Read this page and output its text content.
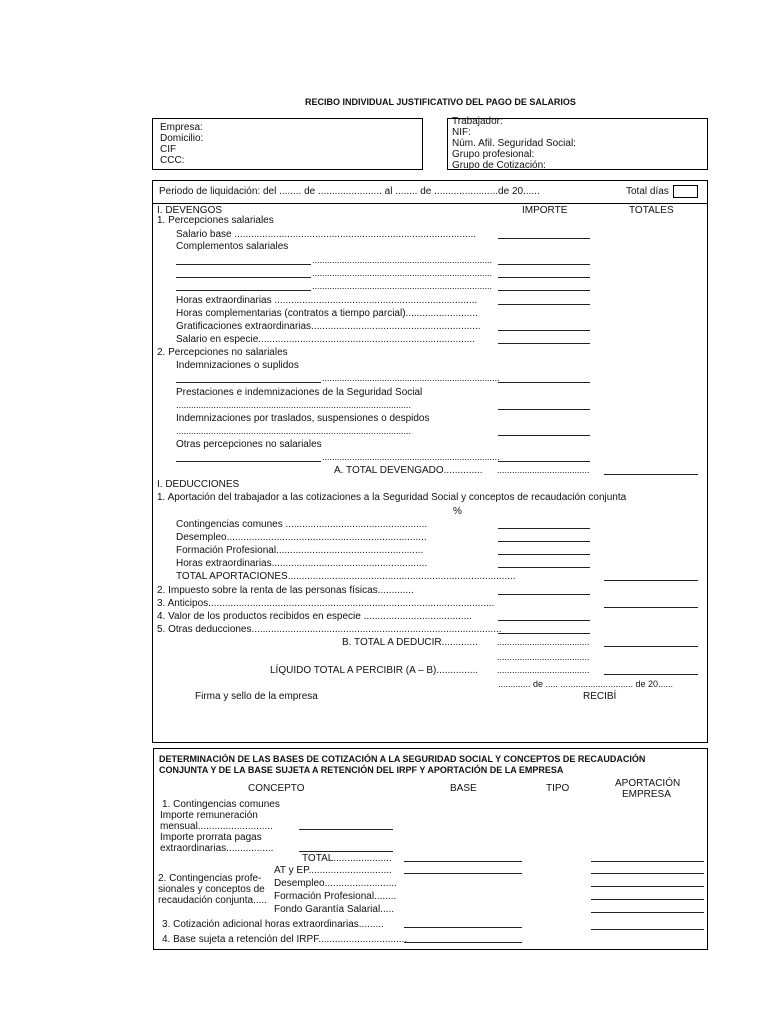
RECIBO INDIVIDUAL JUSTIFICATIVO DEL PAGO DE SALARIOS
Empresa:
Domicilio:
CIF
CCC:
Trabajador:
NIF:
Núm. Afil. Seguridad Social:
Grupo profesional:
Grupo de Cotización:
Periodo de liquidación: del ........ de ....................... al ........ de .......................de 20......	Total días
I. DEVENGOS	IMPORTE	TOTALES
1. Percepciones salariales
Salario base .......................................................................................
Complementos salariales
........................................................................
........................................................................
........................................................................
Horas extraordinarias .........................................................................
Horas complementarias (contratos a tiempo parcial)..........................
Gratificaciones extraordinarias.............................................................
Salario en especie..............................................................................
2. Percepciones no salariales
Indemnizaciones o suplidos
.......................................................................
Prestaciones e indemnizaciones de la Seguridad Social
..............................................................................................
Indemnizaciones por traslados, suspensiones o despidos
..............................................................................................
Otras percepciones no salariales
.......................................................................
A. TOTAL DEVENGADO.............. .....................................
I. DEDUCCIONES
1. Aportación del trabajador a las cotizaciones a la Seguridad Social y conceptos de recaudación conjunta
%
Contingencias comunes ...................................................
Desempleo........................................................................
Formación Profesional.....................................................
Horas extraordinarias........................................................
TOTAL APORTACIONES..................................................................................
2. Impuesto sobre la renta de las personas físicas.............
3. Anticipos.......................................................................................................
4. Valor de los productos recibidos en especie .......................................
5. Otras deducciones..........................................................................................
B. TOTAL A DEDUCIR............. .....................................
.....................................
LÍQUIDO TOTAL A PERCIBIR (A – B)............... .....................................
............. de ..... ............................. de 20......
Firma y sello de la empresa	RECIBÍ
DETERMINACIÓN DE LAS BASES DE COTIZACIÓN A LA SEGURIDAD SOCIAL Y CONCEPTOS DE RECAUDACIÓN
CONJUNTA Y DE LA BASE SUJETA A RETENCIÓN DEL IRPF Y APORTACIÓN DE LA EMPRESA
CONCEPTO	BASE	TIPO	APORTACIÓN
EMPRESA
1. Contingencias comunes
Importe remuneración
mensual...........................
Importe prorrata pagas
extraordinarias.................
TOTAL.....................
AT y EP..............................
2. Contingencias profe-
sionales y conceptos de
recaudación conjunta.....
Desempleo..........................
Formación Profesional........
Fondo Garantía Salarial.....
3. Cotización adicional horas extraordinarias.........
4. Base sujeta a retención del IRPF................................
